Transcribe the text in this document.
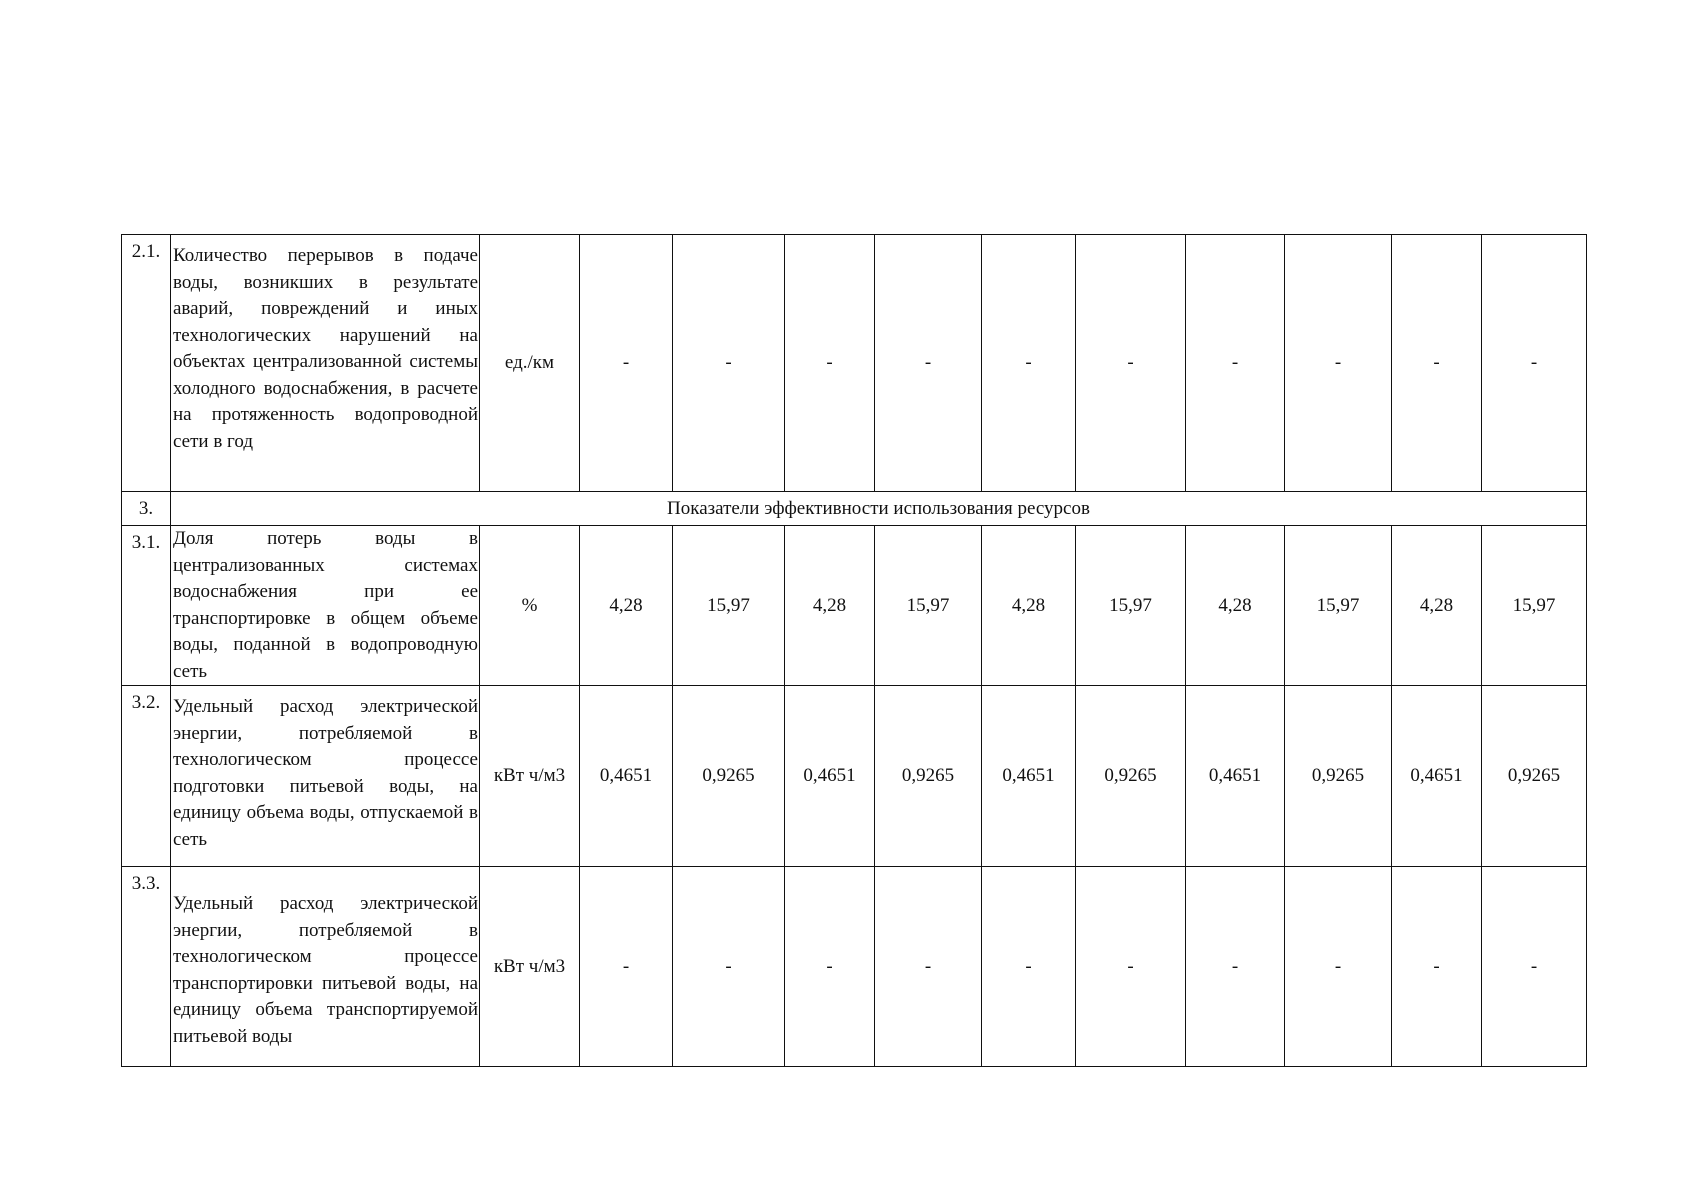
2.1.	Количество перерывов в подаче воды, возникших в результате аварий, повреждений и иных технологических нарушений на объектах централизованной системы холодного водоснабжения, в расчете на протяженность водопроводной сети в год	ед./км	-	-	-	-	-	-	-	-	-	-
3.	Показатели эффективности использования ресурсов											
3.1.	Доля потерь воды в централизованных системах водоснабжения при ее транспортировке в общем объеме воды, поданной в водопроводную сеть	%	4,28	15,97	4,28	15,97	4,28	15,97	4,28	15,97	4,28	15,97
3.2.	Удельный расход электрической энергии, потребляемой в технологическом процессе подготовки питьевой воды, на единицу объема воды, отпускаемой в сеть	кВт ч/м3	0,4651	0,9265	0,4651	0,9265	0,4651	0,9265	0,4651	0,9265	0,4651	0,9265
3.3.	Удельный расход электрической энергии, потребляемой в технологическом процессе транспортировки питьевой воды, на единицу объема транспортируемой питьевой воды	кВт ч/м3	-	-	-	-	-	-	-	-	-	-
